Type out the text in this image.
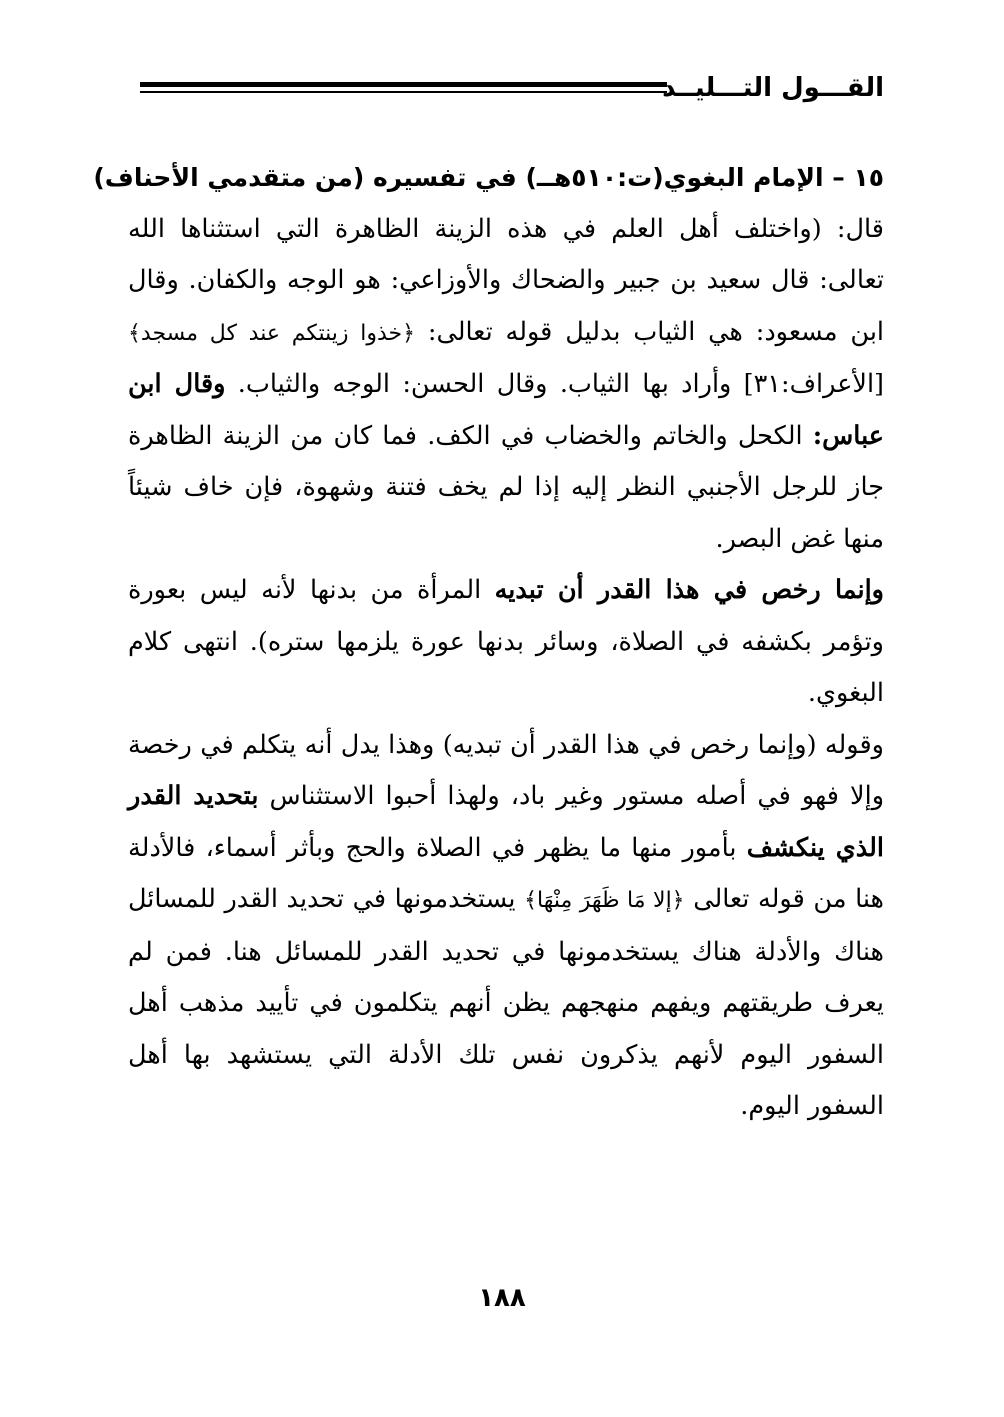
القـــول التـــليــد

١٥ – الإمام البغوي(ت:٥١٠هــ) في تفسيره (من متقدمي الأحناف)

قال: (واختلف أهل العلم في هذه الزينة الظاهرة التي استثناها الله تعالى: قال سعيد بن جبير والضحاك والأوزاعي: هو الوجه والكفان. وقال ابن مسعود: هي الثياب بدليل قوله تعالى: ﴿خذوا زينتكم عند كل مسجد﴾ [الأعراف:٣١] وأراد بها الثياب. وقال الحسن: الوجه والثياب. وقال ابن عباس: الكحل والخاتم والخضاب في الكف. فما كان من الزينة الظاهرة جاز للرجل الأجنبي النظر إليه إذا لم يخف فتنة وشهوة، فإن خاف شيئاً منها غض البصر.

وإنما رخص في هذا القدر أن تبديه المرأة من بدنها لأنه ليس بعورة وتؤمر بكشفه في الصلاة، وسائر بدنها عورة يلزمها ستره). انتهى كلام البغوي.

وقوله (وإنما رخص في هذا القدر أن تبديه) وهذا يدل أنه يتكلم في رخصة وإلا فهو في أصله مستور وغير باد، ولهذا أحبوا الاستثناس بتحديد القدر الذي ينكشف بأمور منها ما يظهر في الصلاة والحج وبأثر أسماء، فالأدلة هنا من قوله تعالى ﴿إلا مَا ظَهَرَ مِنْهَا﴾ يستخدمونها في تحديد القدر للمسائل هناك والأدلة هناك يستخدمونها في تحديد القدر للمسائل هنا. فمن لم يعرف طريقتهم ويفهم منهجهم يظن أنهم يتكلمون في تأييد مذهب أهل السفور اليوم لأنهم يذكرون نفس تلك الأدلة التي يستشهد بها أهل السفور اليوم.

١٨٨
